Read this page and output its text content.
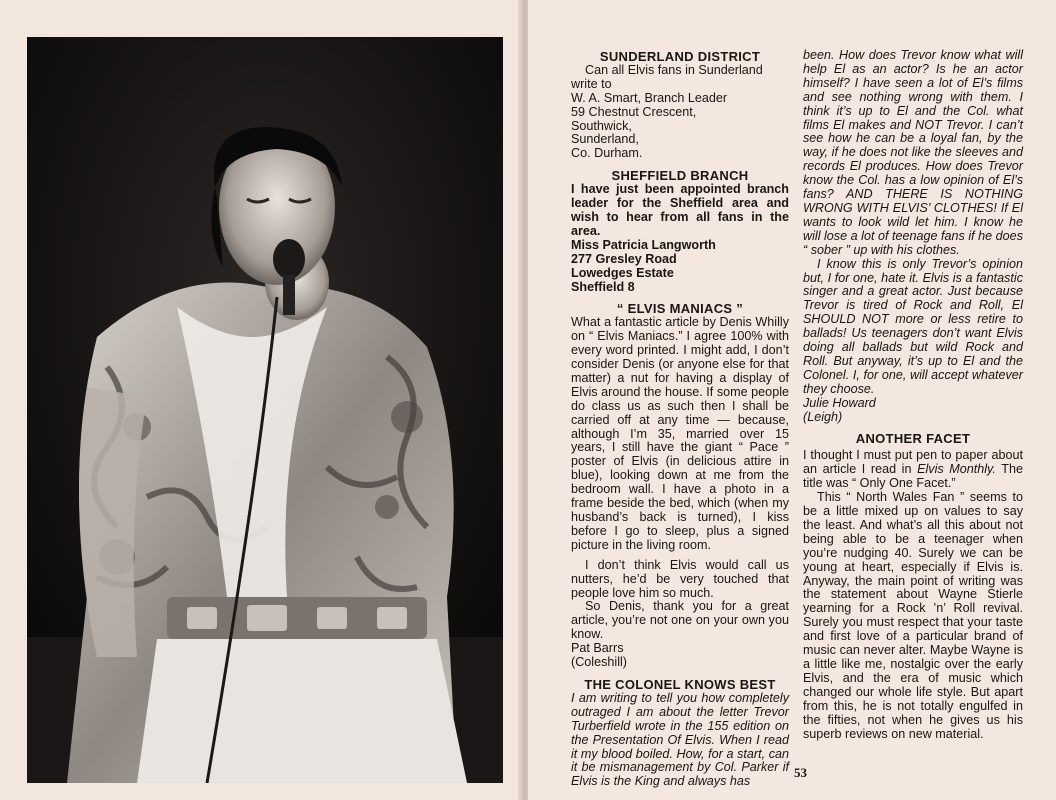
SUNDERLAND DISTRICT

Can all Elvis fans in Sunderland write to

W. A. Smart, Branch Leader
59 Chestnut Crescent,
Southwick,
Sunderland,
Co. Durham.

SHEFFIELD BRANCH

I have just been appointed branch leader for the Sheffield area and wish to hear from all fans in the area.

Miss Patricia Langworth
277 Gresley Road
Lowedges Estate
Sheffield 8

“ ELVIS MANIACS ”

What a fantastic article by Denis Whilly on “ Elvis Maniacs.” I agree 100% with every word printed. I might add, I don’t consider Denis (or anyone else for that matter) a nut for having a display of Elvis around the house. If some people do class us as such then I shall be carried off at any time — because, although I’m 35, married over 15 years, I still have the giant “ Pace ” poster of Elvis (in delicious attire in blue), looking down at me from the bedroom wall. I have a photo in a frame beside the bed, which (when my husband’s back is turned), I kiss before I go to sleep, plus a signed picture in the living room.

I don’t think Elvis would call us nutters, he’d be very touched that people love him so much.

So Denis, thank you for a great article, you’re not one on your own you know.

Pat Barrs
(Coleshill)

THE COLONEL KNOWS BEST

I am writing to tell you how completely outraged I am about the letter Trevor Turberfield wrote in the 155 edition on the Presentation Of Elvis. When I read it my blood boiled. How, for a start, can it be mismanagement by Col. Parker if Elvis is the King and always has

been. How does Trevor know what will help El as an actor? Is he an actor himself? I have seen a lot of El’s films and see nothing wrong with them. I think it’s up to El and the Col. what films El makes and NOT Trevor. I can’t see how he can be a loyal fan, by the way, if he does not like the sleeves and records El produces. How does Trevor know the Col. has a low opinion of El’s fans? AND THERE IS NOTHING WRONG WITH ELVIS’ CLOTHES! If El wants to look wild let him. I know he will lose a lot of teenage fans if he does “ sober ” up with his clothes.

I know this is only Trevor’s opinion but, I for one, hate it. Elvis is a fantastic singer and a great actor. Just because Trevor is tired of Rock and Roll, El SHOULD NOT more or less retire to ballads! Us teenagers don’t want Elvis doing all ballads but wild Rock and Roll. But anyway, it’s up to El and the Colonel. I, for one, will accept whatever they choose.

Julie Howard
(Leigh)

ANOTHER FACET

I thought I must put pen to paper about an article I read in Elvis Monthly. The title was “ Only One Facet.”

This “ North Wales Fan ” seems to be a little mixed up on values to say the least. And what’s all this about not being able to be a teenager when you’re nudging 40. Surely we can be young at heart, especially if Elvis is. Anyway, the main point of writing was the statement about Wayne Stierle yearning for a Rock ’n’ Roll revival. Surely you must respect that your taste and first love of a particular brand of music can never alter. Maybe Wayne is a little like me, nostalgic over the early Elvis, and the era of music which changed our whole life style. But apart from this, he is not totally engulfed in the fifties, not when he gives us his superb reviews on new material.

53
